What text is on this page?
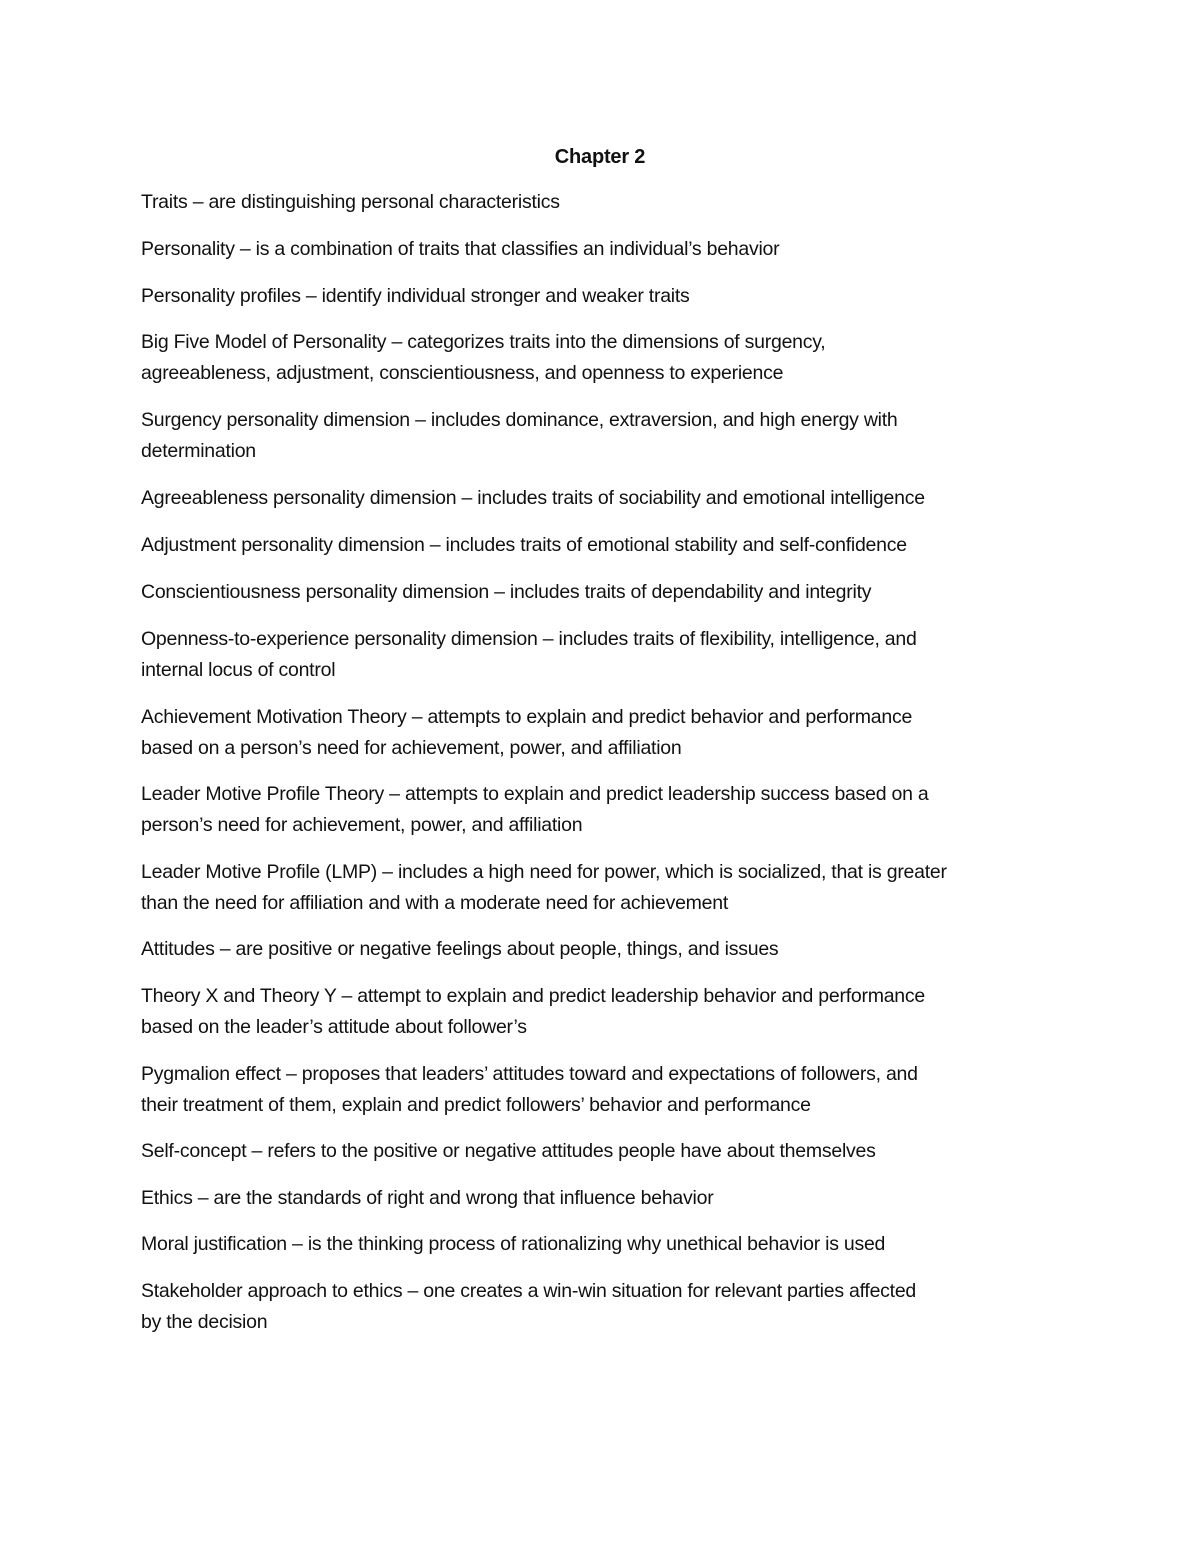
Chapter 2
Traits – are distinguishing personal characteristics
Personality – is a combination of traits that classifies an individual’s behavior
Personality profiles – identify individual stronger and weaker traits
Big Five Model of Personality – categorizes traits into the dimensions of surgency,
agreeableness, adjustment, conscientiousness, and openness to experience
Surgency personality dimension – includes dominance, extraversion, and high energy with
determination
Agreeableness personality dimension – includes traits of sociability and emotional intelligence
Adjustment personality dimension – includes traits of emotional stability and self-confidence
Conscientiousness personality dimension – includes traits of dependability and integrity
Openness-to-experience personality dimension – includes traits of flexibility, intelligence, and
internal locus of control
Achievement Motivation Theory – attempts to explain and predict behavior and performance
based on a person’s need for achievement, power, and affiliation
Leader Motive Profile Theory – attempts to explain and predict leadership success based on a
person’s need for achievement, power, and affiliation
Leader Motive Profile (LMP) – includes a high need for power, which is socialized, that is greater
than the need for affiliation and with a moderate need for achievement
Attitudes – are positive or negative feelings about people, things, and issues
Theory X and Theory Y – attempt to explain and predict leadership behavior and performance
based on the leader’s attitude about follower’s
Pygmalion effect – proposes that leaders’ attitudes toward and expectations of followers, and
their treatment of them, explain and predict followers’ behavior and performance
Self-concept – refers to the positive or negative attitudes people have about themselves
Ethics – are the standards of right and wrong that influence behavior
Moral justification – is the thinking process of rationalizing why unethical behavior is used
Stakeholder approach to ethics – one creates a win-win situation for relevant parties affected
by the decision
